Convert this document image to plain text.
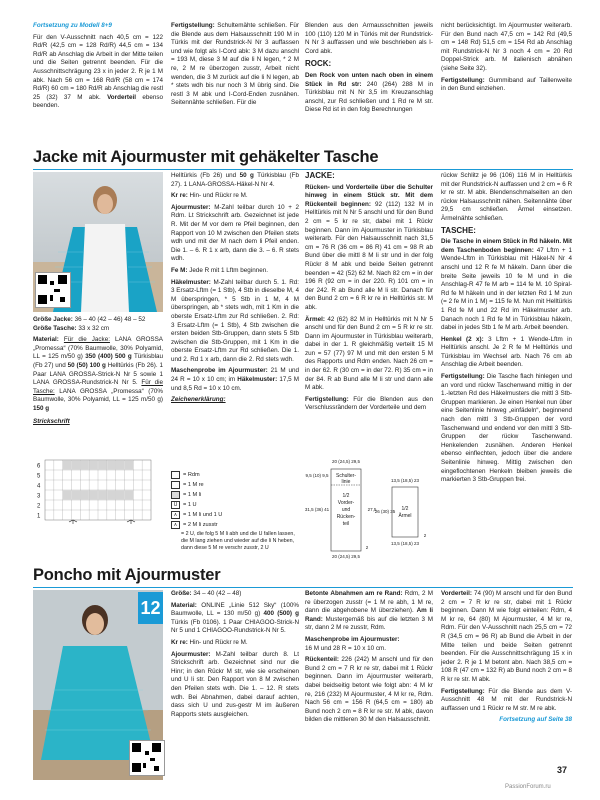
Fortsetzung zu Modell 8+9

Für den V-Ausschnitt nach 40,5 cm = 122 Rd/R (42,5 cm = 128 Rd/R) 44,5 cm = 134 Rd/R ab Anschlag die Arbeit in der Mitte teilen und die Seiten getrennt beenden. Für die Ausschnittschrägung 23 x in jeder 2. R je 1 M abk. Nach 56 cm = 168 Rd/R (58 cm = 174 Rd/R) 60 cm = 180 Rd/R ab Anschlag die restl 25 (32) 37 M abk. Vorderteil ebenso beenden.

Fertigstellung: Schultemähte schließen. Für die Blende aus dem Halsausschnitt 190 M in Türkis mit der Rundstrick-N Nr 3 auffassen und wie folgt als I-Cord abk: 3 M dazu anschl = 193 M, diese 3 M auf die li N legen, * 2 M re, 2 M re überzogen zusstr, Arbeit nicht wenden, die 3 M zurück auf die li N legen, ab * stets wdh bis nur noch 3 M übrig sind. Die restl 3 M abk und I-Cord-Enden zusnähen. Seitennähte schließen. Für die

Blenden aus den Armausschnitten jeweils 100 (110) 120 M in Türkis mit der Rundstrick-N Nr 3 auffassen und wie beschrieben als I-Cord abk.

ROCK:

Den Rock von unten nach oben in einem Stück in Rd str: 240 (264) 288 M in Türkisblau mit N Nr 3,5 im Kreuzanschlag anschl, zur Rd schließen und 1 Rd re M str. Diese Rd ist in den folg Berechnungen

nicht berücksichtigt. Im Ajourmuster weiterarb. Für den Bund nach 47,5 cm = 142 Rd (49,5 cm = 148 Rd) 51,5 cm = 154 Rd ab Anschlag mit Rundstrick-N Nr 3 noch 4 cm = 20 Rd Doppel-Strick arb. M italienisch abnähen (siehe Seite 32).

Fertigstellung: Gummiband auf Taillenweite in den Bund einziehen.

Jacke mit Ajourmuster mit gehäkelter Tasche

Größe Jacke: 36 – 40 (42 – 46) 48 – 52
Größe Tasche: 33 x 32 cm

Material: Für die Jacke: LANA GROSSA „Promessa“ (70% Baumwolle, 30% Polyamid, LL = 125 m/50 g) 350 (400) 500 g Türkisblau (Fb 27) und 50 (50) 100 g Helltürkis (Fb 26). 1 Paar LANA GROSSA-Strick-N Nr 5 sowie 1 LANA GROSSA-Rundstrick-N Nr 5. Für die Tasche: LANA GROSSA „Promessa“ (70% Baumwolle, 30% Polyamid, LL = 125 m/50 g) 150 g

Strickschrift

6
5
4
3
2
1

Helltürkis (Fb 26) und 50 g Türkisblau (Fb 27). 1 LANA-GROSSA-Häkel-N Nr 4.

Kr re: Hin- und Rückr re M.

Ajourmuster: M-Zahl teilbar durch 10 + 2 Rdm. Lt Strickschrift arb. Gezeichnet ist jede R. Mit der M vor dem re Pfeil beginnen, den Rapport von 10 M zwischen den Pfeilen stets wdh und mit der M nach dem li Pfeil enden. Die 1. – 6. R 1 x arb, dann die 3. – 6. R stets wdh.

Fe M: Jede R mit 1 Lftm beginnen.

Häkelmuster: M-Zahl teilbar durch 5. 1. Rd: 3 Ersatz-Lftm (= 1 Stb), 4 Stb in dieselbe M, 4 M überspringen, * 5 Stb in 1 M, 4 M überspringen, ab * stets wdh, mit 1 Km in die oberste Ersatz-Lftm zur Rd schließen. 2. Rd: 3 Ersatz-Lftm (= 1 Stb), 4 Stb zwischen die ersten beiden Stb-Gruppen, dann stets 5 Stb zwischen die Stb-Gruppen, mit 1 Km in die oberste Ersatz-Lftm zur Rd schließen. Die 1. und 2. Rd 1 x arb, dann die 2. Rd stets wdh.

Maschenprobe im Ajourmuster: 21 M und 24 R = 10 x 10 cm; im Häkelmuster: 17,5 M und 8,5 Rd = 10 x 10 cm.

Zeichenerklärung:

= Rdm
= 1 M re
= 1 M li
U	= 1 U
∧	= 1 M li und 1 U
∧	= 2 M li zusstr
= 2 U, die folg 5 M li abh und die U fallen lassen, die M lang ziehen und wieder auf die li N heben, dann diese 5 M re verschr zusstr, 2 U

JACKE:

Rücken- und Vorderteile über die Schulter hinweg in einem Stück str. Mit dem Rückenteil beginnen: 92 (112) 132 M in Helltürkis mit N Nr 5 anschl und für den Bund 2 cm = 5 kr re str, dabei mit 1 Rückr beginnen. Dann im Ajourmuster in Türkisblau weiterarb. Für den Halsausschnitt nach 31,5 cm = 76 R (36 cm = 86 R) 41 cm = 98 R ab Bund über die mittl 8 M li str und in der folg Rückr 8 M abk und beide Seiten getrennt beenden = 42 (52) 62 M. Nach 82 cm = in der 196 R (92 cm = in der 220. R) 101 cm = in der 242. R ab Bund alle M li str. Danach für den Bund 2 cm = 6 R kr re in Helltürkis str. M abk.

Ärmel: 42 (62) 82 M in Helltürkis mit N Nr 5 anschl und für den Bund 2 cm = 5 R kr re str. Dann im Ajourmuster in Türkisblau weiterarb, dabei in der 1. R gleichmäßig verteilt 15 M zun = 57 (77) 97 M und mit den ersten 5 M des Rapports und Rdm enden. Nach 26 cm = in der 62. R (30 cm = in der 72. R) 35 cm = in der 84. R ab Bund alle M li str und dann alle M abk.

Fertigstellung: Für die Blenden aus den Verschlussrändern der Vorderteile und dem

Schulter-
linie
1/2
Vorder-
und
Rücken-
teil
1/2
Ärmel
20 (24,5) 29,5
9,5 (10) 9,5
31,5 (36) 41	27,5
20 (24,5) 29,5
13,5 (18,5) 23
26 (30) 35
13,5 (18,5) 23
2
2

rückw Schlitz je 96 (106) 116 M in Helltürkis mit der Rundstrick-N auffassen und 2 cm = 6 R kr re str. M abk. Blendenschmalseiten an den rückw Halsausschnitt nähen. Seitennähte über 29,5 cm schließen. Ärmel einsetzen. Ärmelnähte schließen.

TASCHE:

Die Tasche in einem Stück in Rd häkeln. Mit dem Taschenboden beginnen: 47 Lftm + 1 Wende-Lftm in Türkisblau mit Häkel-N Nr 4 anschl und 12 R fe M häkeln. Dann über die breite Seite jeweils 10 fe M und in die Anschlag-R 47 fe M arb = 114 fe M. 10 Spiral-Rd fe M häkeln und in der letzten Rd 1 M zun (= 2 fe M in 1 M) = 115 fe M. Nun mit Helltürkis 1 Rd fe M und 22 Rd im Häkelmuster arb. Danach noch 1 Rd fe M in Türkisblau häkeln, dabei in jedes Stb 1 fe M arb. Arbeit beenden.

Henkel (2 x): 3 Lftm + 1 Wende-Lftm in Helltürkis anschl. Je 2 R fe M Helltürkis und Türkisblau im Wechsel arb. Nach 76 cm ab Anschlag die Arbeit beenden.

Fertigstellung: Die Tasche flach hinlegen und an vord und rückw Taschenwand mittig in der 1.-letzten Rd des Häkelmusters die mittl 3 Stb-Gruppen markieren. Je einen Henkel nun über eine Seitenlinie hinweg „einfädeln“, beginnend nach den mittl 3 Stb-Gruppen der vord Taschenwand und endend vor den mittl 3 Stb-Gruppen der rückw Taschenwand. Henkelenden zusnähen. Anderen Henkel ebenso einflechten, jedoch über die andere Seitenlinie hinweg. Mittig zwischen den eingeflochtenen Henkeln bleiben jeweils die markierten 3 Stb-Gruppen frei.

Poncho mit Ajourmuster
12

Größe: 34 – 40 (42 – 48)

Material: ONLINE „Linie 512 Sky“ (100% Baumwolle, LL = 130 m/50 g) 400 (500) g Türkis (Fb 0106). 1 Paar CHIAGOO-Strick-N Nr 5 und 1 CHIAGOO-Rundstrick-N Nr 5.

Kr re: Hin- und Rückr re M.

Ajourmuster: M-Zahl teilbar durch 8. Lt Strickschrift arb. Gezeichnet sind nur die Hinr; in den Rückr M str, wie sie erscheinen und U li str. Den Rapport von 8 M zwischen den Pfeilen stets wdh. Die 1. – 12. R stets wdh. Bei Abnahmen, dabei darauf achten, dass sich U und zus-gestr M im äußeren Rapports stets ausgleichen.

Betonte Abnahmen am re Rand: Rdm, 2 M re überzogen zusstr (= 1 M re abh, 1 M re, dann die abgehobene M überziehen). Am li Rand: Mustergemäß bis auf die letzten 3 M str, dann 2 M re zusstr, Rdm.

Maschenprobe im Ajourmuster:
16 M und 28 R = 10 x 10 cm.

Rückenteil: 226 (242) M anschl und für den Bund 2 cm = 7 R kr re str, dabei mit 1 Rückr beginnen. Dann im Ajourmuster weiterarb, dabei beidseitig betont wie folgt abn: 4 M kr re, 216 (232) M Ajourmuster, 4 M kr re, Rdm. Nach 56 cm = 156 R (64,5 cm = 180) ab Bund noch 2 cm = 8 R kr re str. M abk, davon bilden die mittleren 30 M den Halsausschnitt.

Vorderteil: 74 (90) M anschl und für den Bund 2 cm = 7 R kr re str, dabei mit 1 Rückr beginnen. Dann M wie folgt einteilen: Rdm, 4 M kr re, 64 (80) M Ajourmuster, 4 M kr re, Rdm. Für den V-Ausschnitt nach 25,5 cm = 72 R (34,5 cm = 96 R) ab Bund die Arbeit in der Mitte teilen und beide Seiten getrennt beenden. Für die Ausschnittschrägung 15 x in jeder 2. R je 1 M betont abn. Nach 38,5 cm = 108 R (47 cm = 132 R) ab Bund noch 2 cm = 8 R kr re str. M abk.

Fertigstellung: Für die Blende aus dem V-Ausschnitt 48 M mit der Rundstrick-N auffassen und 1 Rückr re M str. M re abk.

Fortsetzung auf Seite 38

37
PassionForum.ru
